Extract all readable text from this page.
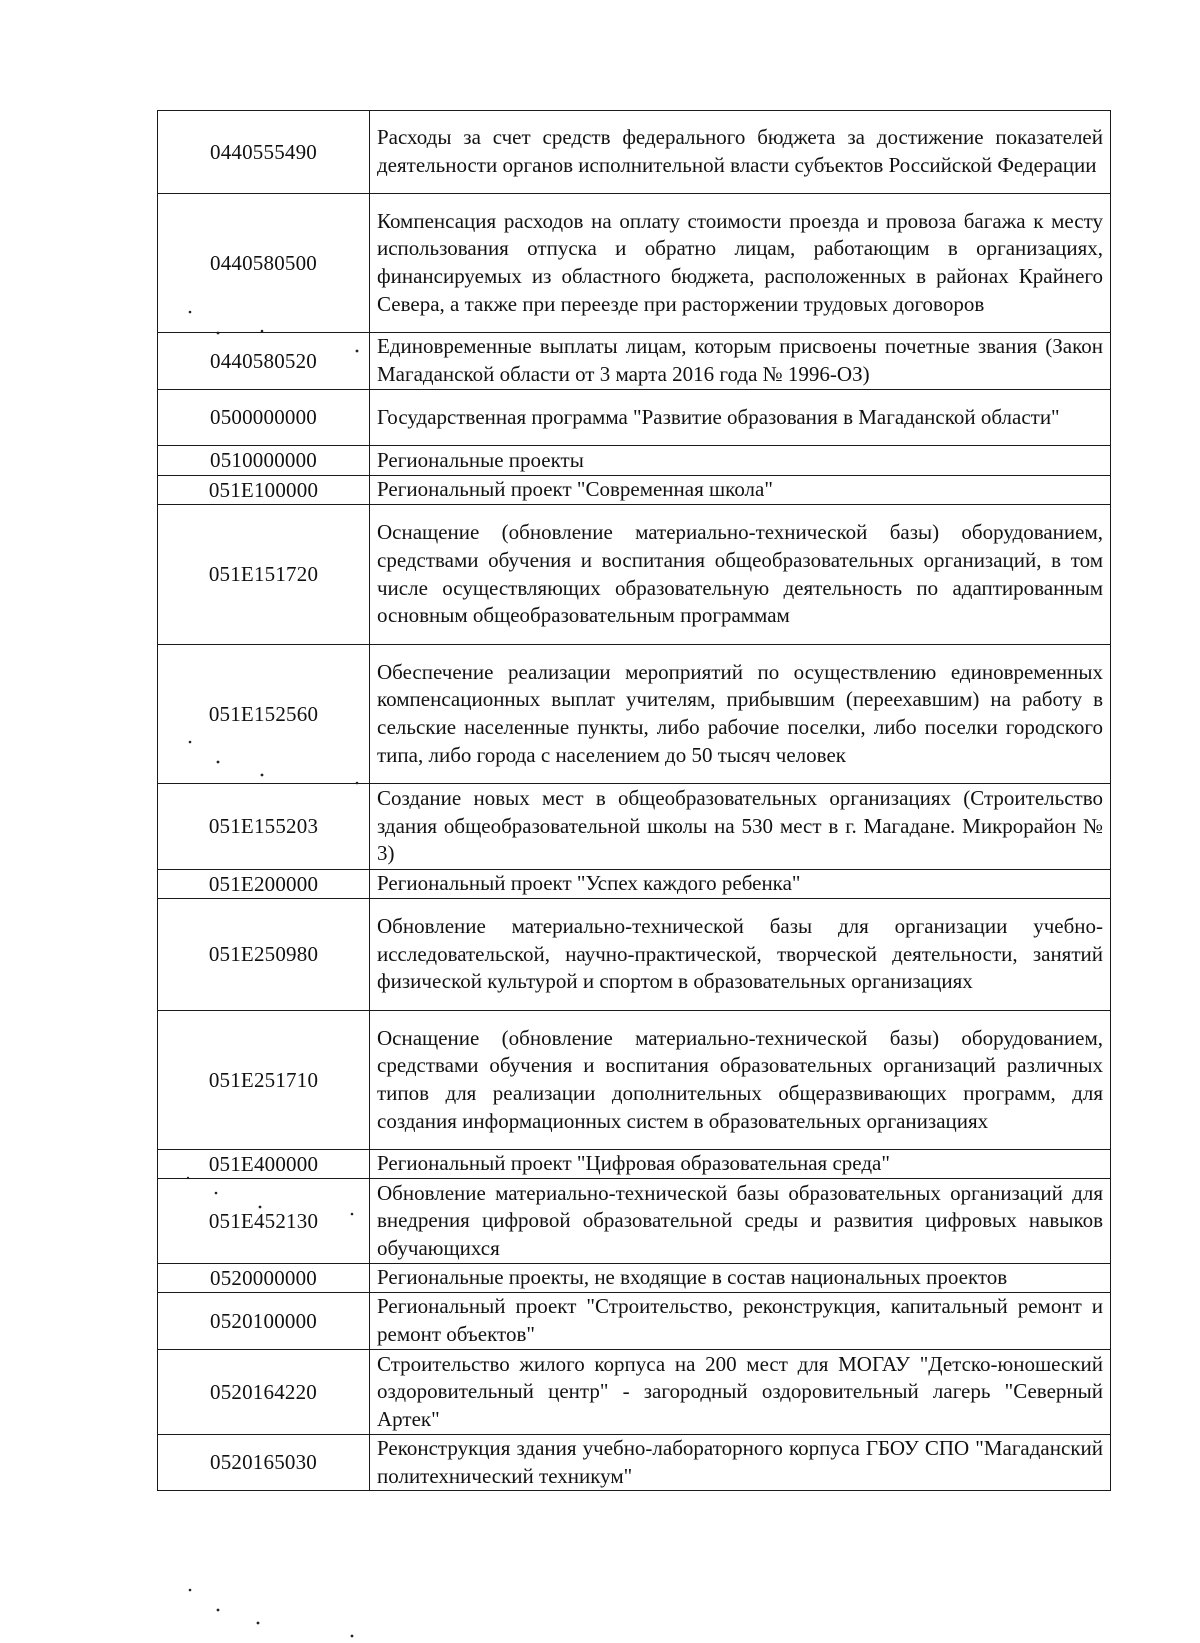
0440555490	Расходы за счет средств федерального бюджета за достижение показателей деятельности органов исполнительной власти субъектов Российской Федерации
0440580500	Компенсация расходов на оплату стоимости проезда и провоза багажа к месту использования отпуска и обратно лицам, работающим в организациях, финансируемых из областного бюджета, расположенных в районах Крайнего Севера, а также при переезде при расторжении трудовых договоров
0440580520	Единовременные выплаты лицам, которым присвоены почетные звания (Закон Магаданской области от 3 марта 2016 года № 1996-ОЗ)
0500000000	Государственная программа "Развитие образования в Магаданской области"
0510000000	Региональные проекты
051E100000	Региональный проект "Современная школа"
051E151720	Оснащение (обновление материально-технической базы) оборудованием, средствами обучения и воспитания общеобразовательных организаций, в том числе осуществляющих образовательную деятельность по адаптированным основным общеобразовательным программам
051E152560	Обеспечение реализации мероприятий по осуществлению единовременных компенсационных выплат учителям, прибывшим (переехавшим) на работу в сельские населенные пункты, либо рабочие поселки, либо поселки городского типа, либо города с населением до 50 тысяч человек
051E155203	Создание новых мест в общеобразовательных организациях (Строительство здания общеобразовательной школы на 530 мест в г. Магадане. Микрорайон № 3)
051E200000	Региональный проект "Успех каждого ребенка"
051E250980	Обновление материально-технической базы для организации учебно-исследовательской, научно-практической, творческой деятельности, занятий физической культурой и спортом в образовательных организациях
051E251710	Оснащение (обновление материально-технической базы) оборудованием, средствами обучения и воспитания образовательных организаций различных типов для реализации дополнительных общеразвивающих программ, для создания информационных систем в образовательных организациях
051E400000	Региональный проект "Цифровая образовательная среда"
051E452130	Обновление материально-технической базы образовательных организаций для внедрения цифровой образовательной среды и развития цифровых навыков обучающихся
0520000000	Региональные проекты, не входящие в состав национальных проектов
0520100000	Региональный проект "Строительство, реконструкция, капитальный ремонт и ремонт объектов"
0520164220	Строительство жилого корпуса на 200 мест для МОГАУ "Детско-юношеский оздоровительный центр" - загородный оздоровительный лагерь "Северный Артек"
0520165030	Реконструкция здания учебно-лабораторного корпуса ГБОУ СПО "Магаданский политехнический техникум"
